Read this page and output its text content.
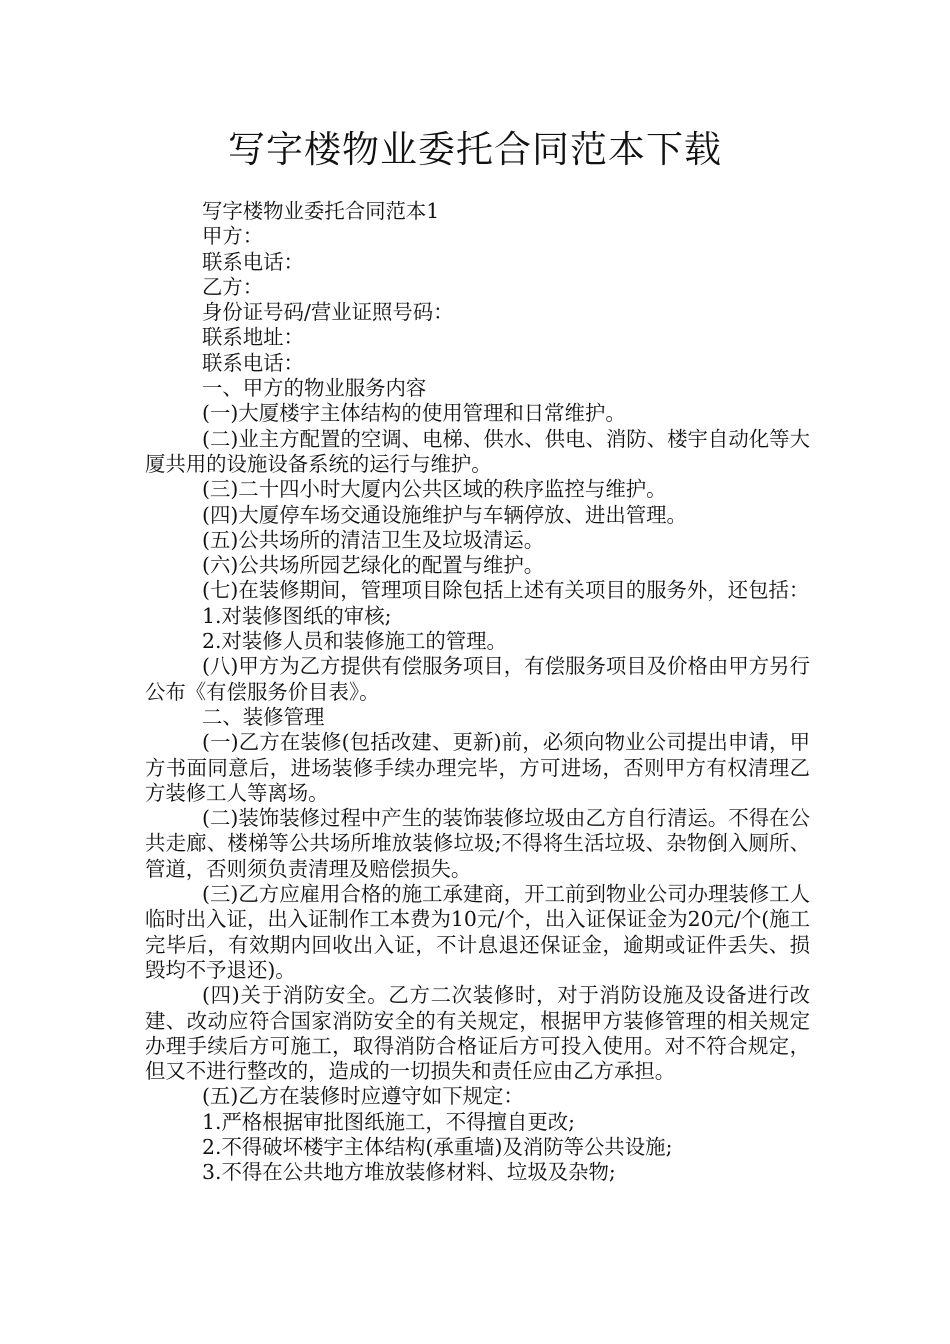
写字楼物业委托合同范本下载

写字楼物业委托合同范本1

甲方：

联系电话：

乙方：

身份证号码/营业证照号码：

联系地址：

联系电话：

一、甲方的物业服务内容

(一)大厦楼宇主体结构的使用管理和日常维护。

(二)业主方配置的空调、电梯、供水、供电、消防、楼宇自动化等大厦共用的设施设备系统的运行与维护。

(三)二十四小时大厦内公共区域的秩序监控与维护。

(四)大厦停车场交通设施维护与车辆停放、进出管理。

(五)公共场所的清洁卫生及垃圾清运。

(六)公共场所园艺绿化的配置与维护。

(七)在装修期间，管理项目除包括上述有关项目的服务外，还包括：

1.对装修图纸的审核;

2.对装修人员和装修施工的管理。

(八)甲方为乙方提供有偿服务项目，有偿服务项目及价格由甲方另行公布《有偿服务价目表》。

二、装修管理

(一)乙方在装修(包括改建、更新)前，必须向物业公司提出申请，甲方书面同意后，进场装修手续办理完毕，方可进场，否则甲方有权清理乙方装修工人等离场。

(二)装饰装修过程中产生的装饰装修垃圾由乙方自行清运。不得在公共走廊、楼梯等公共场所堆放装修垃圾;不得将生活垃圾、杂物倒入厕所、管道，否则须负责清理及赔偿损失。

(三)乙方应雇用合格的施工承建商，开工前到物业公司办理装修工人临时出入证，出入证制作工本费为10元/个，出入证保证金为20元/个(施工完毕后，有效期内回收出入证，不计息退还保证金，逾期或证件丢失、损毁均不予退还)。

(四)关于消防安全。乙方二次装修时，对于消防设施及设备进行改建、改动应符合国家消防安全的有关规定，根据甲方装修管理的相关规定办理手续后方可施工，取得消防合格证后方可投入使用。对不符合规定，但又不进行整改的，造成的一切损失和责任应由乙方承担。

(五)乙方在装修时应遵守如下规定：

1.严格根据审批图纸施工，不得擅自更改;

2.不得破坏楼宇主体结构(承重墙)及消防等公共设施;

3.不得在公共地方堆放装修材料、垃圾及杂物;
